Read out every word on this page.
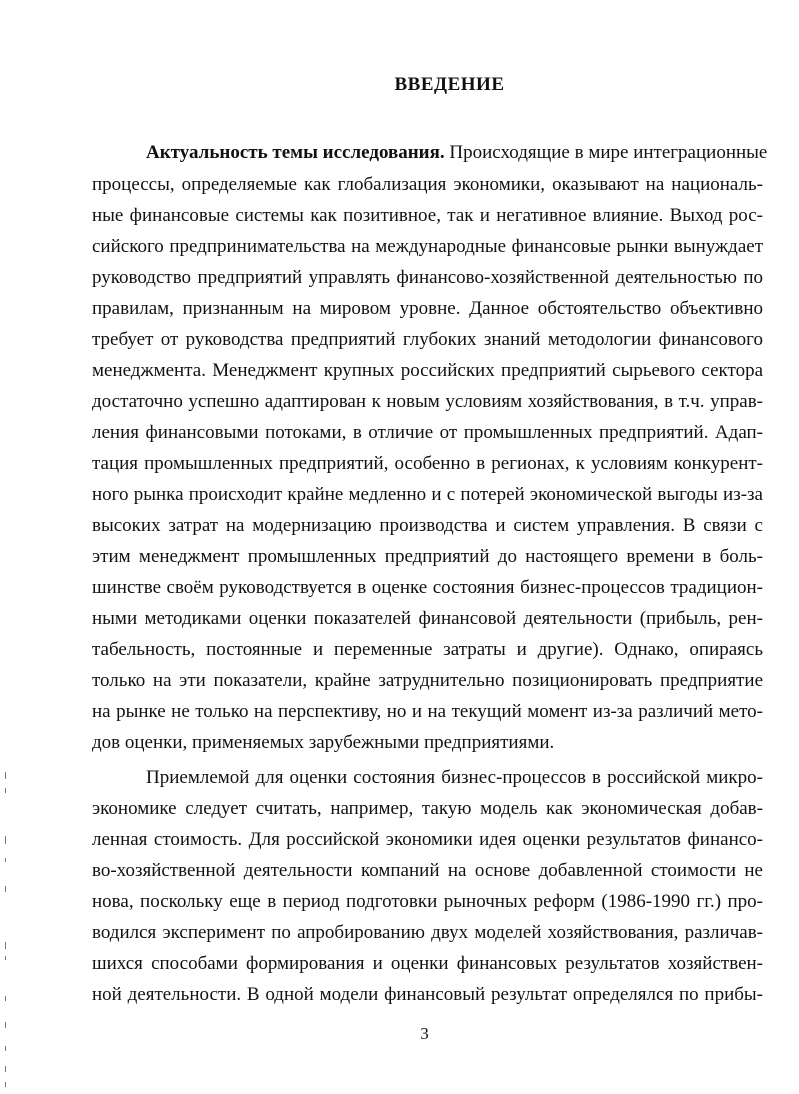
ВВЕДЕНИЕ
Актуальность темы исследования. Происходящие в мире интеграционные
процессы, определяемые как глобализация экономики, оказывают на националь-
ные финансовые системы как позитивное, так и негативное влияние. Выход рос-
сийского предпринимательства на международные финансовые рынки вынуждает
руководство предприятий управлять финансово-хозяйственной деятельностью по
правилам, признанным на мировом уровне. Данное обстоятельство объективно
требует от руководства предприятий глубоких знаний методологии финансового
менеджмента. Менеджмент крупных российских предприятий сырьевого сектора
достаточно успешно адаптирован к новым условиям хозяйствования, в т.ч. управ-
ления финансовыми потоками, в отличие от промышленных предприятий. Адап-
тация промышленных предприятий, особенно в регионах, к условиям конкурент-
ного рынка происходит крайне медленно и с потерей экономической выгоды из-за
высоких затрат на модернизацию производства и систем управления. В связи с
этим менеджмент промышленных предприятий до настоящего времени в боль-
шинстве своём руководствуется в оценке состояния бизнес-процессов традицион-
ными методиками оценки показателей финансовой деятельности (прибыль, рен-
табельность, постоянные и переменные затраты и другие). Однако, опираясь
только на эти показатели, крайне затруднительно позиционировать предприятие
на рынке не только на перспективу, но и на текущий момент из-за различий мето-
дов оценки, применяемых зарубежными предприятиями.
Приемлемой для оценки состояния бизнес-процессов в российской микро-
экономике следует считать, например, такую модель как экономическая добав-
ленная стоимость. Для российской экономики идея оценки результатов финансо-
во-хозяйственной деятельности компаний на основе добавленной стоимости не
нова, поскольку еще в период подготовки рыночных реформ (1986-1990 гг.) про-
водился эксперимент по апробированию двух моделей хозяйствования, различав-
шихся способами формирования и оценки финансовых результатов хозяйствен-
ной деятельности. В одной модели финансовый результат определялся по прибы-
3
